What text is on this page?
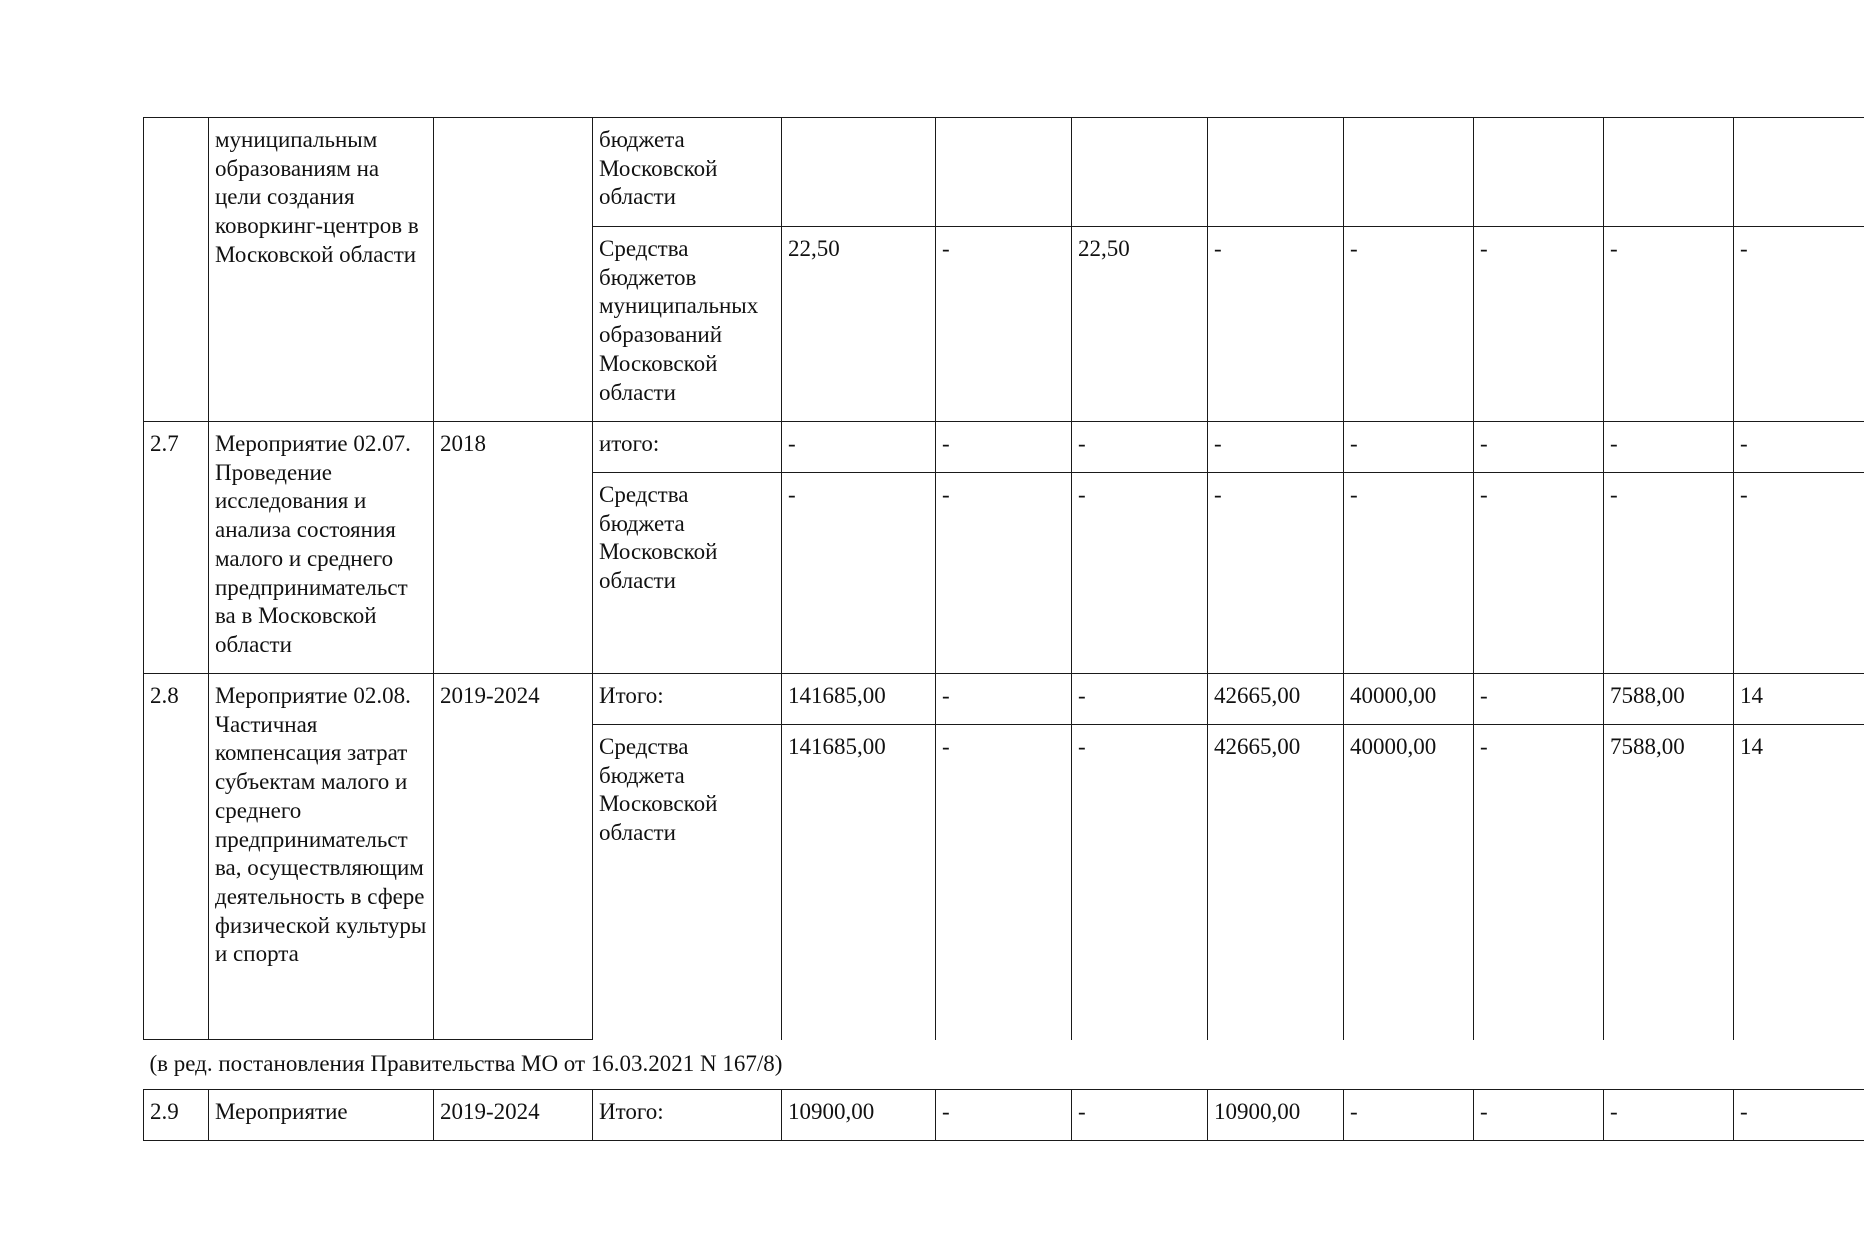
	муниципальным образованиям на цели создания коворкинг-центров в Московской области		бюджета Московской области								
			Средства бюджетов муниципальных образований Московской области	22,50	-	22,50	-	-	-	-	-
2.7	Мероприятие 02.07. Проведение исследования и анализа состояния малого и среднего предпринимательст ва в Московской области	2018	итого:	-	-	-	-	-	-	-	-
			Средства бюджета Московской области	-	-	-	-	-	-	-	-
2.8	Мероприятие 02.08. Частичная компенсация затрат субъектам малого и среднего предпринимательст ва, осуществляющим деятельность в сфере физической культуры и спорта	2019-2024	Итого:	141685,00	-	-	42665,00	40000,00	-	7588,00	14
			Средства бюджета Московской области	141685,00	-	-	42665,00	40000,00	-	7588,00	14
(в ред. постановления Правительства МО от 16.03.2021 N 167/8)											
2.9	Мероприятие	2019-2024	Итого:	10900,00	-	-	10900,00	-	-	-	-
